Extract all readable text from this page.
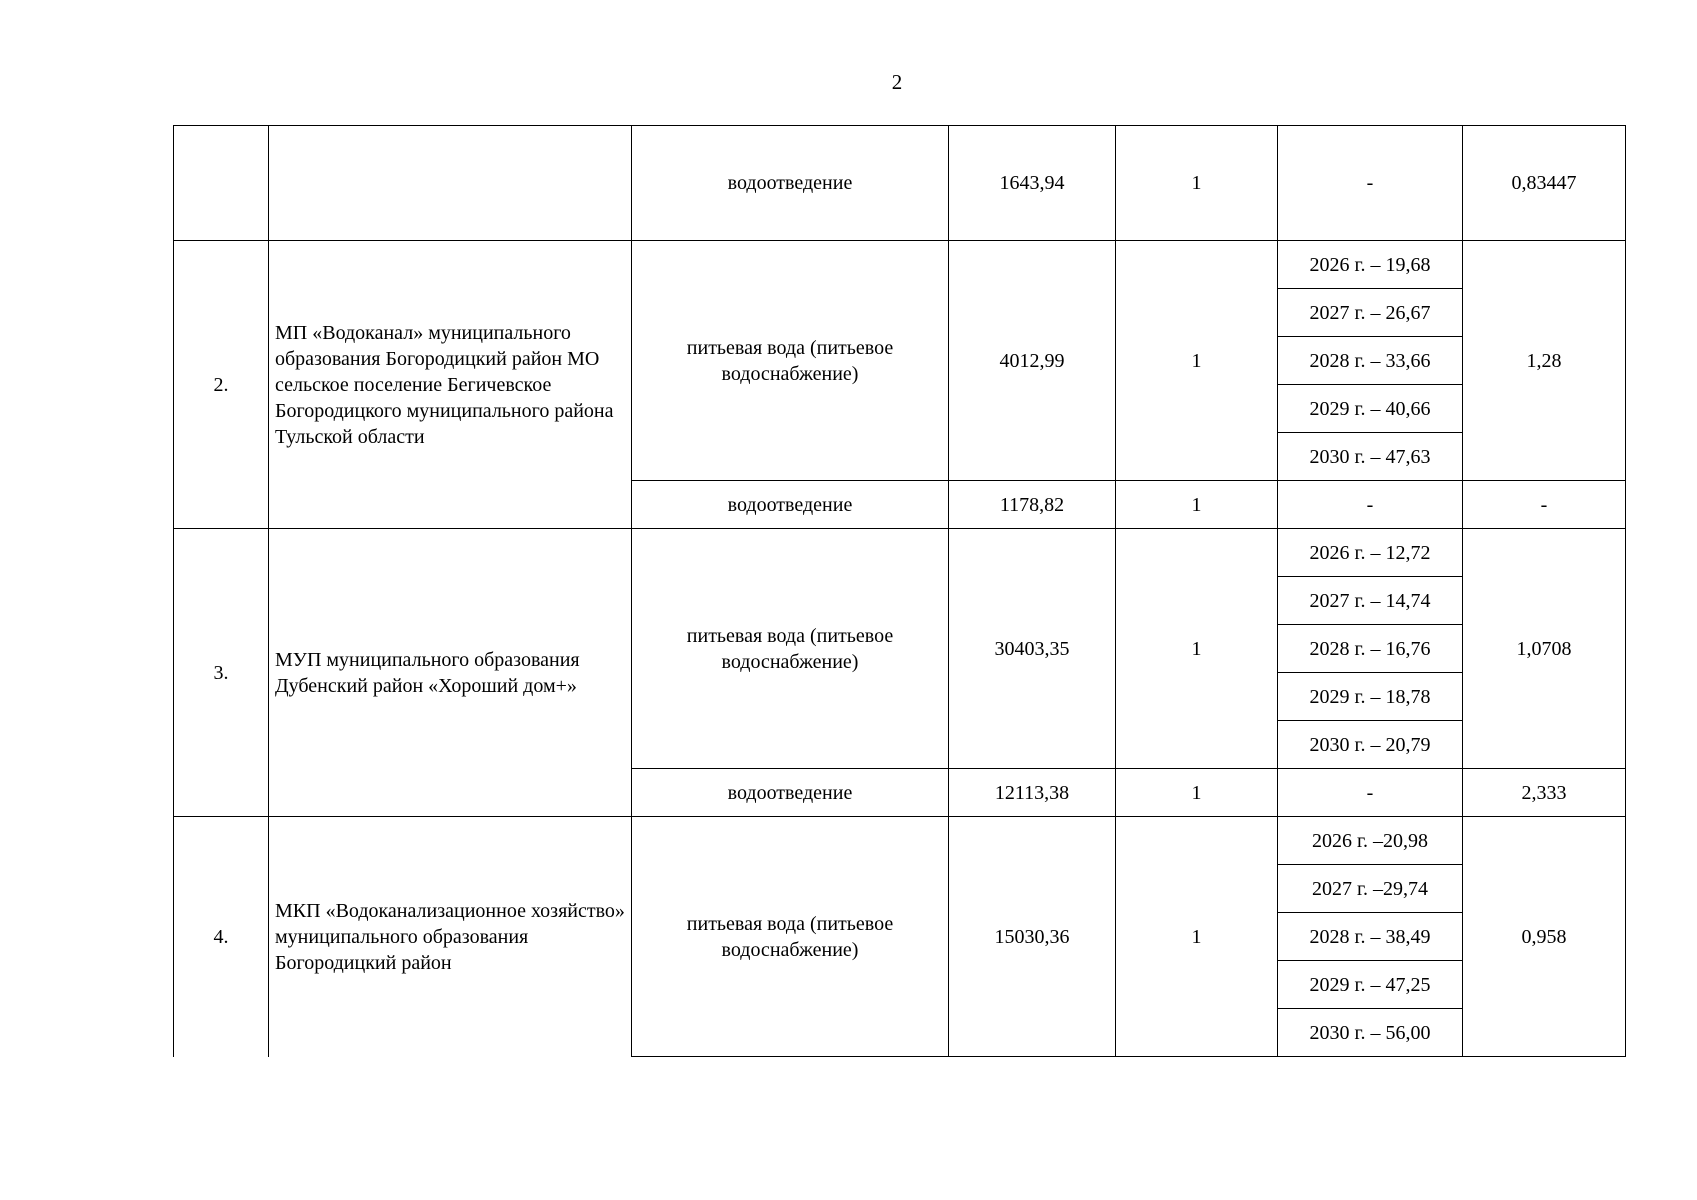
2
		водоотведение	1643,94	1	-	0,83447
2.	МП «Водоканал» муниципального образования Богородицкий район МО сельское поселение Бегичевское Богородицкого муниципального района Тульской области	питьевая вода (питьевое водоснабжение)	4012,99	1	2026 г. – 19,68	1,28
					2027 г. – 26,67	
					2028 г. – 33,66	
					2029 г. – 40,66	
					2030 г. – 47,63	
		водоотведение	1178,82	1	-	-
3.	МУП муниципального образования Дубенский район «Хороший дом+»	питьевая вода (питьевое водоснабжение)	30403,35	1	2026 г. – 12,72	1,0708
					2027 г. – 14,74	
					2028 г. – 16,76	
					2029 г. – 18,78	
					2030 г. – 20,79	
		водоотведение	12113,38	1	-	2,333
4.	МКП «Водоканализационное хозяйство» муниципального образования Богородицкий район	питьевая вода (питьевое водоснабжение)	15030,36	1	2026 г. –20,98	0,958
					2027 г. –29,74	
					2028 г. – 38,49	
					2029 г. – 47,25	
					2030 г. – 56,00	
